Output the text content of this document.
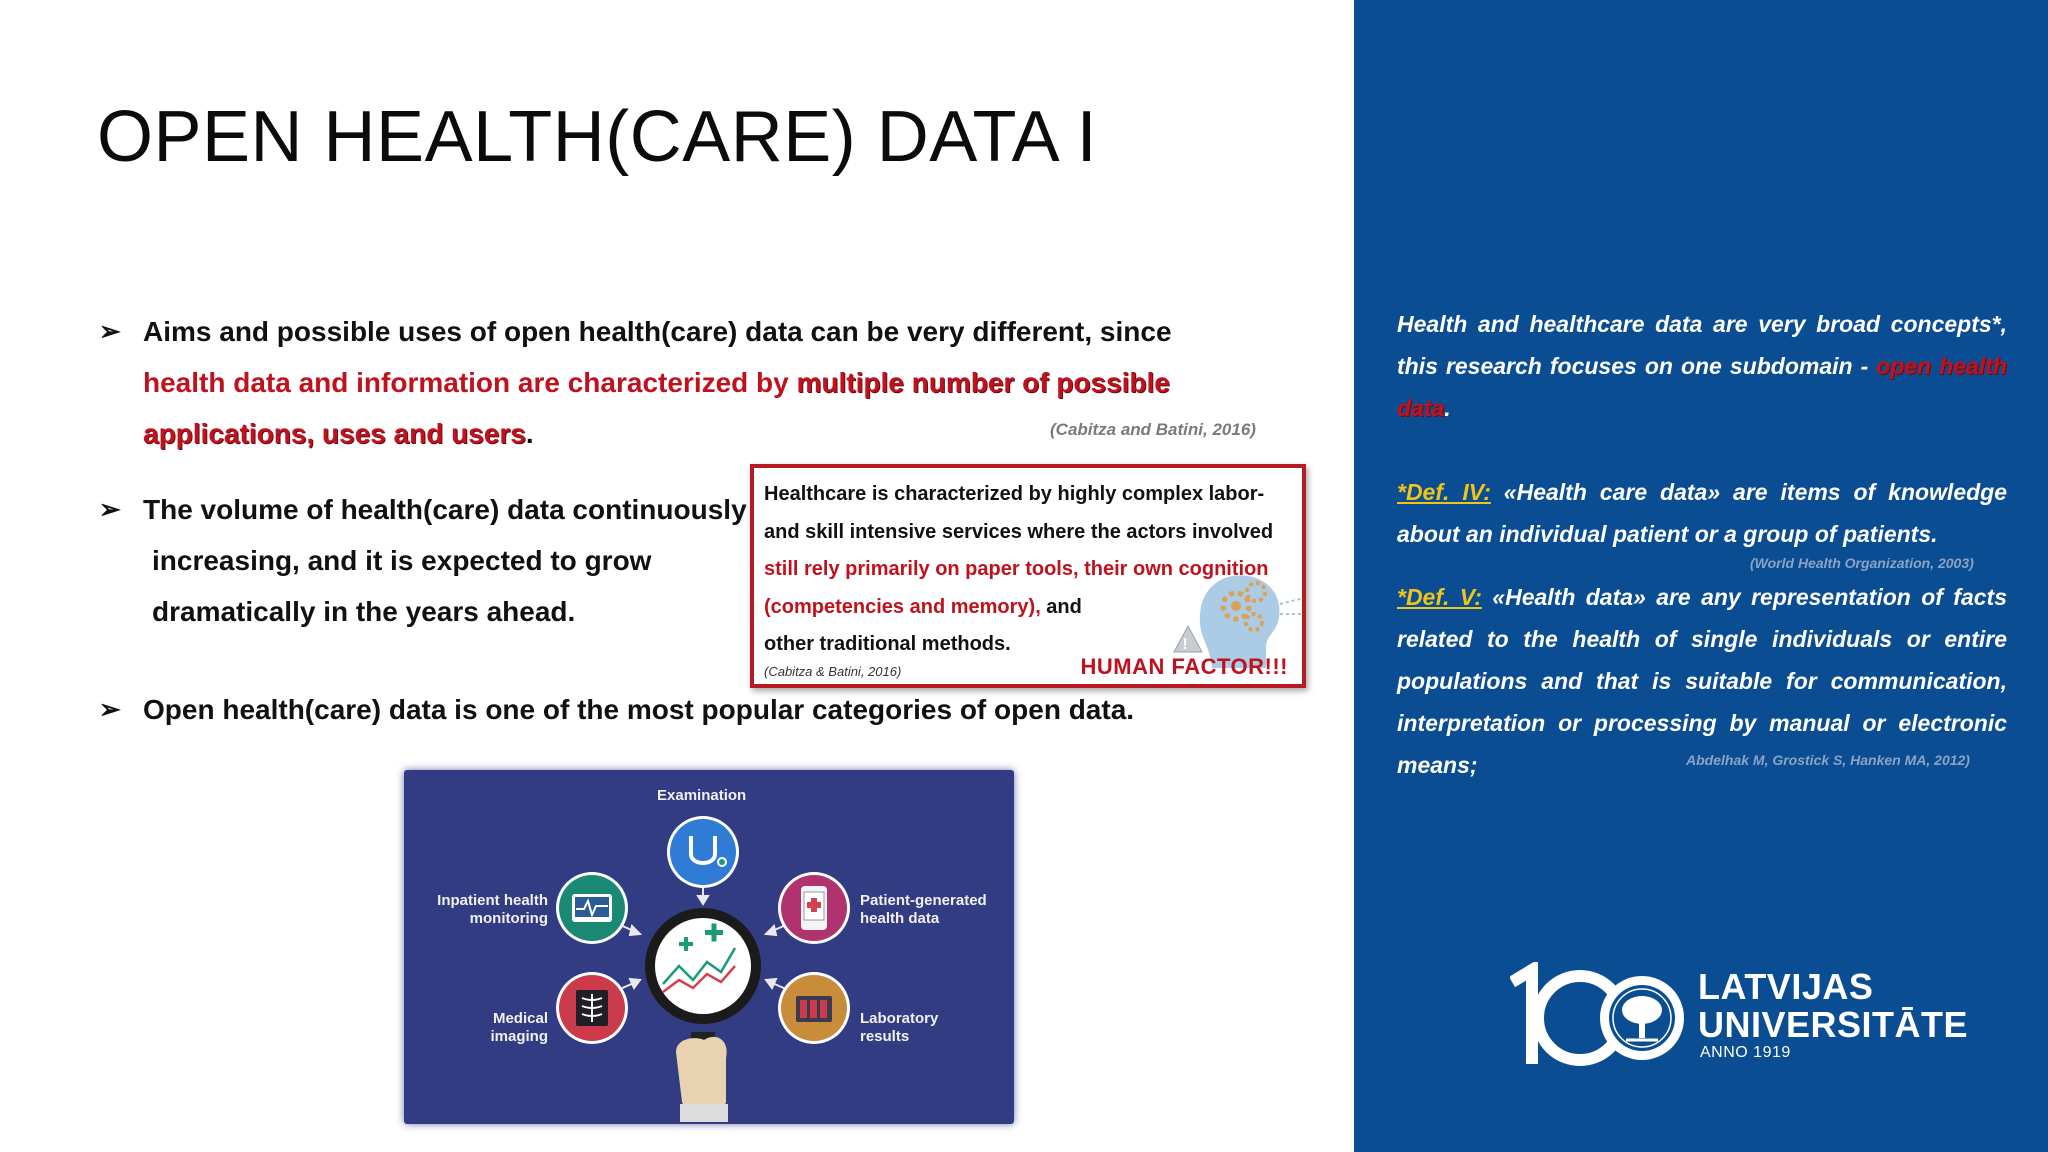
OPEN HEALTH(CARE) DATA I
➢ Aims and possible uses of open health(care) data can be very different, since
health data and information are characterized by multiple number of possible
applications, uses and users.	(Cabitza and Batini, 2016)
➢ The volume of health(care) data continuously
increasing, and it is expected to grow
dramatically in the years ahead.
➢ Open health(care) data is one of the most popular categories of open data.
!
Healthcare is characterized by highly complex labor-
and skill intensive services where the actors involved
still rely primarily on paper tools, their own cognition
(competencies and memory), and
other traditional methods.
(Cabitza & Batini, 2016)	HUMAN FACTOR!!!
Examination
Inpatient health
monitoring
Patient-generated
health data
Medical
imaging
Laboratory
results
Health and healthcare data are very broad concepts*, this research focuses on one subdomain - open health data.
*Def. IV: «Health care data» are items of knowledge about an individual patient or a group of patients.
(World Health Organization, 2003)
*Def. V: «Health data» are any representation of facts related to the health of single individuals or entire populations and that is suitable for communication, interpretation or processing by manual or electronic means;	Abdelhak M, Grostick S, Hanken MA, 2012)
LATVIJAS
UNIVERSITĀTE
ANNO 1919
